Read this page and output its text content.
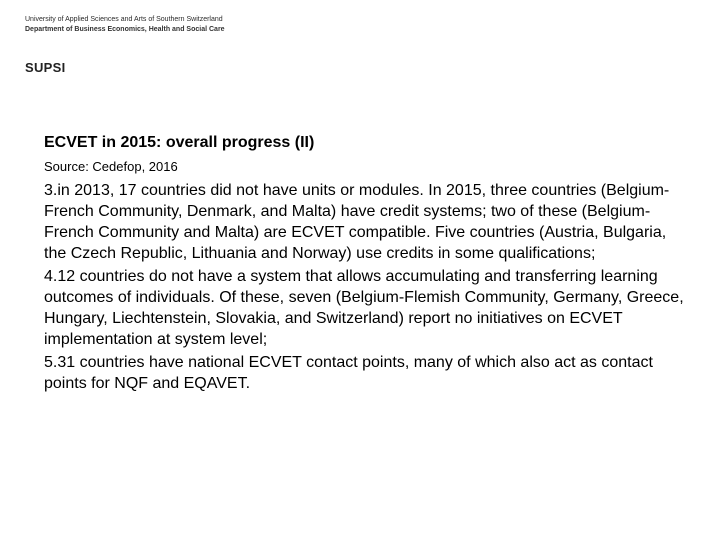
University of Applied Sciences and Arts of Southern Switzerland
Department of Business Economics, Health and Social Care
SUPSI

ECVET in 2015: overall progress (II)

Source: Cedefop, 2016

3.in 2013, 17 countries did not have units or modules. In 2015, three countries (Belgium-French Community, Denmark, and Malta) have credit systems; two of these (Belgium-French Community and Malta) are ECVET compatible. Five countries (Austria, Bulgaria, the Czech Republic, Lithuania and Norway) use credits in some qualifications;

4.12 countries do not have a system that allows accumulating and transferring learning outcomes of individuals. Of these, seven (Belgium-Flemish Community, Germany, Greece, Hungary, Liechtenstein, Slovakia, and Switzerland) report no initiatives on ECVET implementation at system level;

5.31 countries have national ECVET contact points, many of which also act as contact points for NQF and EQAVET.
